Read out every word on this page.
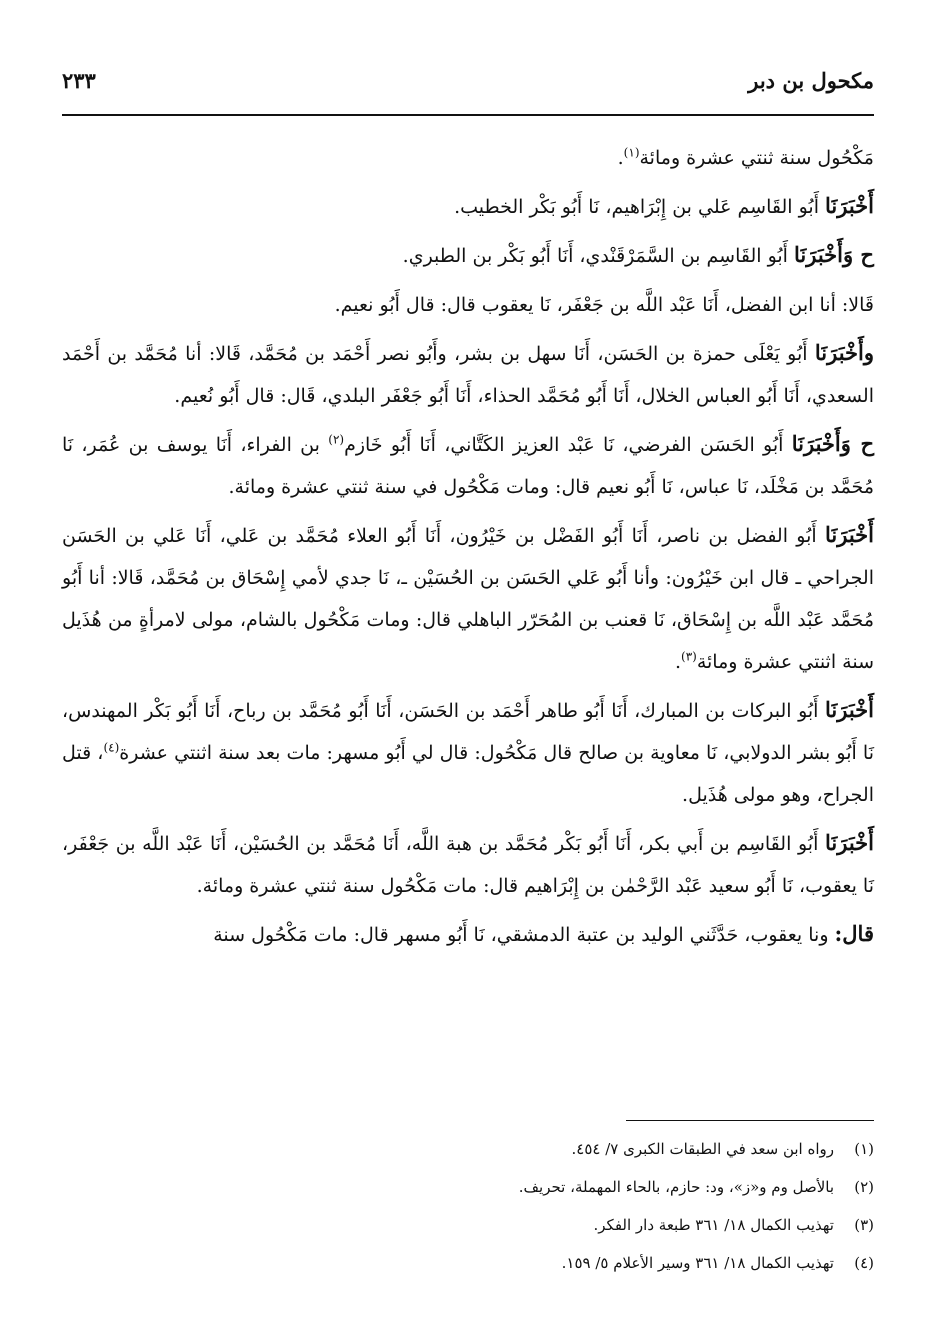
مكحول بن دبر
٢٣٣

مَكْحُول سنة ثنتي عشرة ومائة$^{(١)}$.

أَخْبَرَنَا أَبُو القَاسِم عَلي بن إِبْرَاهيم، نَا أَبُو بَكْر الخطيب.

ح وَأَخْبَرَنَا أَبُو القَاسِم بن السَّمَرْقَنْدي، أَنَا أَبُو بَكْر بن الطبري.

قَالا: أنا ابن الفضل، أَنَا عَبْد اللَّه بن جَعْفَر، نَا يعقوب قال: قال أَبُو نعيم.

وأَخْبَرَنَا أَبُو يَعْلَى حمزة بن الحَسَن، أَنَا سهل بن بشر، وأَبُو نصر أَحْمَد بن مُحَمَّد، قَالا: أنا مُحَمَّد بن أَحْمَد السعدي، أَنَا أَبُو العباس الخلال، أَنَا أَبُو مُحَمَّد الحذاء، أَنَا أَبُو جَعْفَر البلدي، قَال: قال أَبُو نُعيم.

ح وَأَخْبَرَنَا أَبُو الحَسَن الفرضي، نَا عَبْد العزيز الكَتَّاني، أَنَا أَبُو خَازم$^{(٢)}$ بن الفراء، أَنَا يوسف بن عُمَر، نَا مُحَمَّد بن مَخْلَد، نَا عباس، نَا أَبُو نعيم قال: ومات مَكْحُول في سنة ثنتي عشرة ومائة.

أَخْبَرَنَا أَبُو الفضل بن ناصر، أَنَا أَبُو الفَضْل بن خَيْرُون، أَنَا أَبُو العلاء مُحَمَّد بن عَلي، أَنَا عَلي بن الحَسَن الجراحي ـ قال ابن خَيْرُون: وأنا أَبُو عَلي الحَسَن بن الحُسَيْن ـ، نَا جدي لأمي إِسْحَاق بن مُحَمَّد، قَالا: أنا أَبُو مُحَمَّد عَبْد اللَّه بن إِسْحَاق، نَا قعنب بن المُحَرّر الباهلي قال: ومات مَكْحُول بالشام، مولى لامرأةٍ من هُذَيل سنة اثنتي عشرة ومائة$^{(٣)}$.

أَخْبَرَنَا أَبُو البركات بن المبارك، أَنَا أَبُو طاهر أَحْمَد بن الحَسَن، أَنَا أَبُو مُحَمَّد بن رباح، أَنَا أَبُو بَكْر المهندس، نَا أَبُو بشر الدولابي، نَا معاوية بن صالح قال مَكْحُول: قال لي أَبُو مسهر: مات بعد سنة اثنتي عشرة$^{(٤)}$، قتل الجراح، وهو مولى هُذَيل.

أَخْبَرَنَا أَبُو القَاسِم بن أَبي بكر، أَنَا أَبُو بَكْر مُحَمَّد بن هبة اللَّه، أَنَا مُحَمَّد بن الحُسَيْن، أَنَا عَبْد اللَّه بن جَعْفَر، نَا يعقوب، نَا أَبُو سعيد عَبْد الرَّحْمٰن بن إِبْرَاهيم قال: مات مَكْحُول سنة ثنتي عشرة ومائة.

قال: ونا يعقوب، حَدَّثَني الوليد بن عتبة الدمشقي، نَا أَبُو مسهر قال: مات مَكْحُول سنة

(١)رواه ابن سعد في الطبقات الكبرى ٧/ ٤٥٤.
(٢)بالأصل وم و«ز»، ود: حازم، بالحاء المهملة، تحريف.
(٣)تهذيب الكمال ١٨/ ٣٦١ طبعة دار الفكر.
(٤)تهذيب الكمال ١٨/ ٣٦١ وسير الأعلام ٥/ ١٥٩.
